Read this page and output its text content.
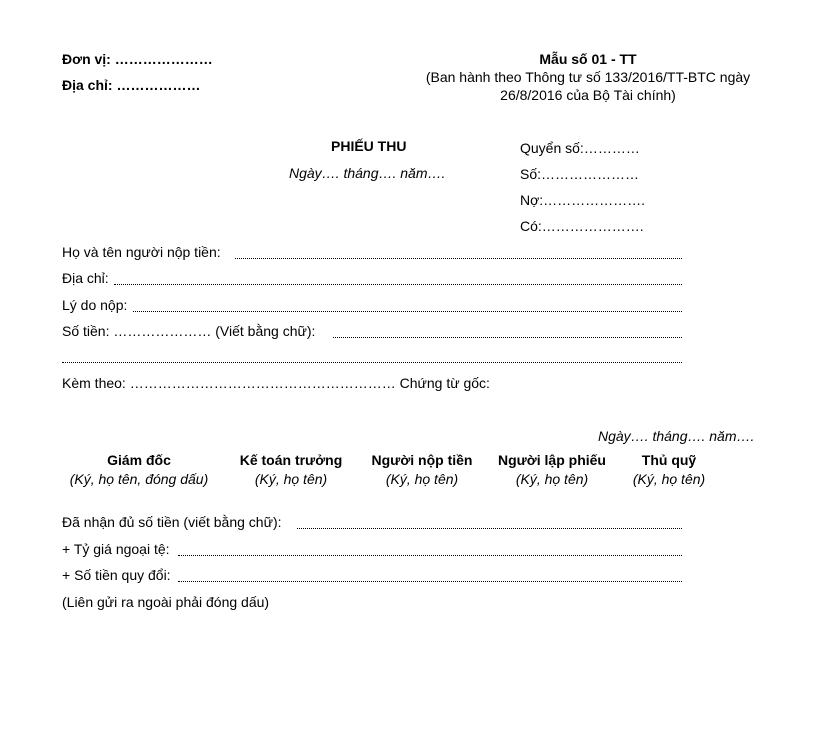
Đơn vị: …………………
Địa chỉ: ………………
Mẫu số 01 - TT
(Ban hành theo Thông tư số 133/2016/TT-BTC ngày
26/8/2016 của Bộ Tài chính)
PHIẾU THU
Ngày…. tháng…. năm….
Quyển số:…………
Số:…………………
Nợ:………………….
Có:………………….
Họ và tên người nộp tiền:
Địa chỉ:
Lý do nộp:
Số tiền: ………………… (Viết bằng chữ):
Kèm theo: ………………………………………………… Chứng từ gốc:
Ngày…. tháng…. năm….
Giám đốc
(Ký, họ tên, đóng dấu)
Kế toán trưởng
(Ký, họ tên)
Người nộp tiền
(Ký, họ tên)
Người lập phiếu
(Ký, họ tên)
Thủ quỹ
(Ký, họ tên)
Đã nhận đủ số tiền (viết bằng chữ):
+ Tỷ giá ngoại tệ:
+ Số tiền quy đổi:
(Liên gửi ra ngoài phải đóng dấu)
